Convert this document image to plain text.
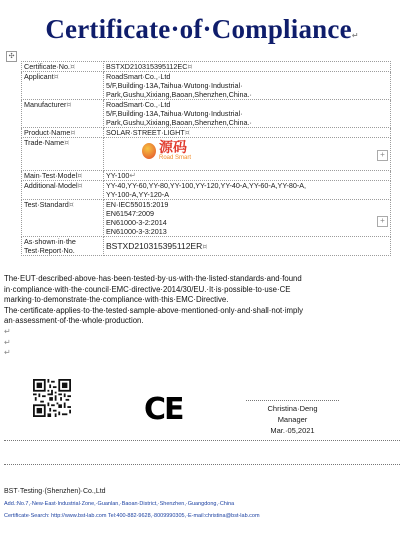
Certificate·of·Compliance↵
✣
Certificate·No.¤	BSTXD210315395112EC¤
Applicant¤	RoadSmart·Co.,·Ltd
5/F,Building·13A,Taihua·Wutong·Industrial·
Park,Gushu,Xixiang,Baoan,Shenzhen,China.·

Manufacturer¤	RoadSmart·Co.,·Ltd
5/F,Building·13A,Taihua·Wutong·Industrial·
Park,Gushu,Xixiang,Baoan,Shenzhen,China.·

Product·Name¤	SOLAR·STREET·LIGHT¤
Trade·Name¤	源码
Road Smart +

Main·Test·Model¤	YY-100↵
Additional·Model¤	YY-40,YY-60,YY-80,YY-100,YY-120,YY-40-A,YY-60-A,YY-80-A,
YY-100-A,YY-120-A

Test·Standard¤	EN·IEC55015:2019
EN61547:2009
EN61000-3-2:2014
EN61000-3-3:2013
+

As·shown·in·the
Test·Report·No.	BSTXD210315395112ER¤
The·EUT·described·above·has·been·tested·by·us·with·the·listed·standards·and·found
in·compliance·with·the·council·EMC·directive·2014/30/EU.·It·is·possible·to·use·CE
marking·to·demonstrate·the·compliance·with·this·EMC·Directive.
The·certificate·applies·to·the·tested·sample·above·mentioned·only·and·shall·not·imply
an·assessment·of·the·whole·production.
↵
↵
↵
CE	Christina·Deng
Manager
Mar.·05,2021
BST·Testing·(Shenzhen)·Co.,Ltd
Add.:No.7,·New·East·Industrial·Zone,·Guanlan,·Baoan·District,·Shenzhen,·Guangdong,·China
Certificate·Search: http://www.bst-lab.com Tel:400-882-9628,·8009990305,·E-mail:christina@bst-lab.com
